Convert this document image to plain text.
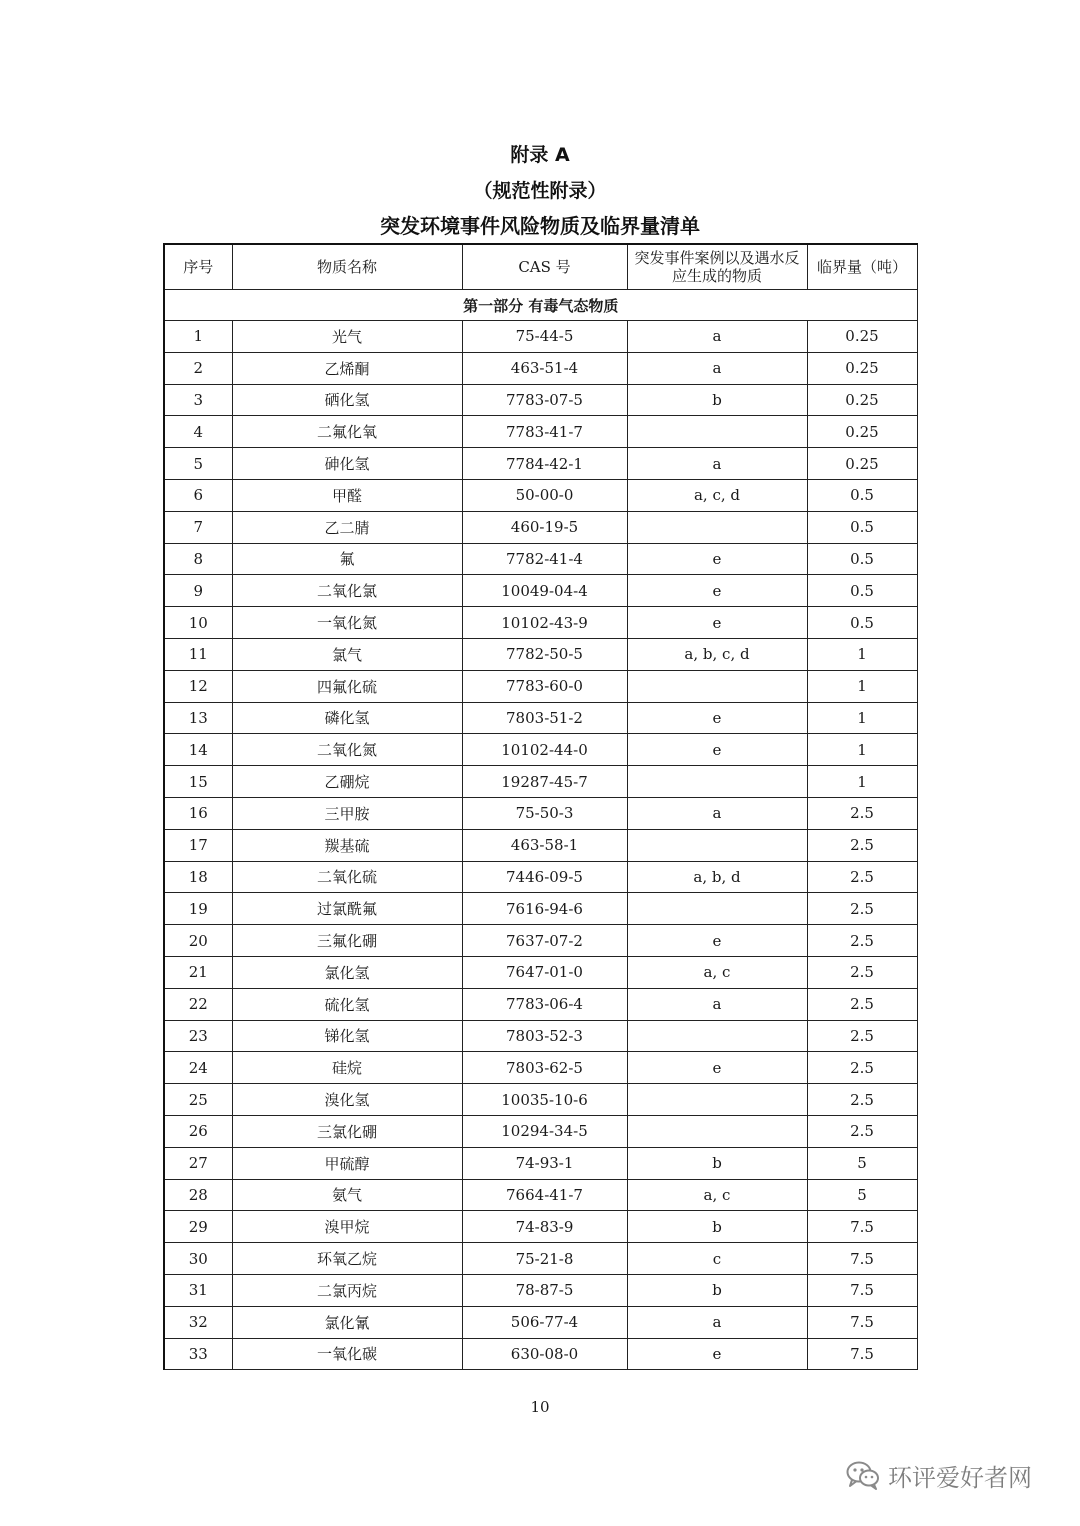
附录 A
（规范性附录）
突发环境事件风险物质及临界量清单
序号	物质名称	CAS 号	突发事件案例以及遇水反应生成的物质	临界量（吨）
第一部分 有毒气态物质				
1	光气	75-44-5	a	0.25
2	乙烯酮	463-51-4	a	0.25
3	硒化氢	7783-07-5	b	0.25
4	二氟化氧	7783-41-7		0.25
5	砷化氢	7784-42-1	a	0.25
6	甲醛	50-00-0	a, c, d	0.5
7	乙二腈	460-19-5		0.5
8	氟	7782-41-4	e	0.5
9	二氧化氯	10049-04-4	e	0.5
10	一氧化氮	10102-43-9	e	0.5
11	氯气	7782-50-5	a, b, c, d	1
12	四氟化硫	7783-60-0		1
13	磷化氢	7803-51-2	e	1
14	二氧化氮	10102-44-0	e	1
15	乙硼烷	19287-45-7		1
16	三甲胺	75-50-3	a	2.5
17	羰基硫	463-58-1		2.5
18	二氧化硫	7446-09-5	a, b, d	2.5
19	过氯酰氟	7616-94-6		2.5
20	三氟化硼	7637-07-2	e	2.5
21	氯化氢	7647-01-0	a, c	2.5
22	硫化氢	7783-06-4	a	2.5
23	锑化氢	7803-52-3		2.5
24	硅烷	7803-62-5	e	2.5
25	溴化氢	10035-10-6		2.5
26	三氯化硼	10294-34-5		2.5
27	甲硫醇	74-93-1	b	5
28	氨气	7664-41-7	a, c	5
29	溴甲烷	74-83-9	b	7.5
30	环氧乙烷	75-21-8	c	7.5
31	二氯丙烷	78-87-5	b	7.5
32	氯化氰	506-77-4	a	7.5
33	一氧化碳	630-08-0	e	7.5
10
环评爱好者网
